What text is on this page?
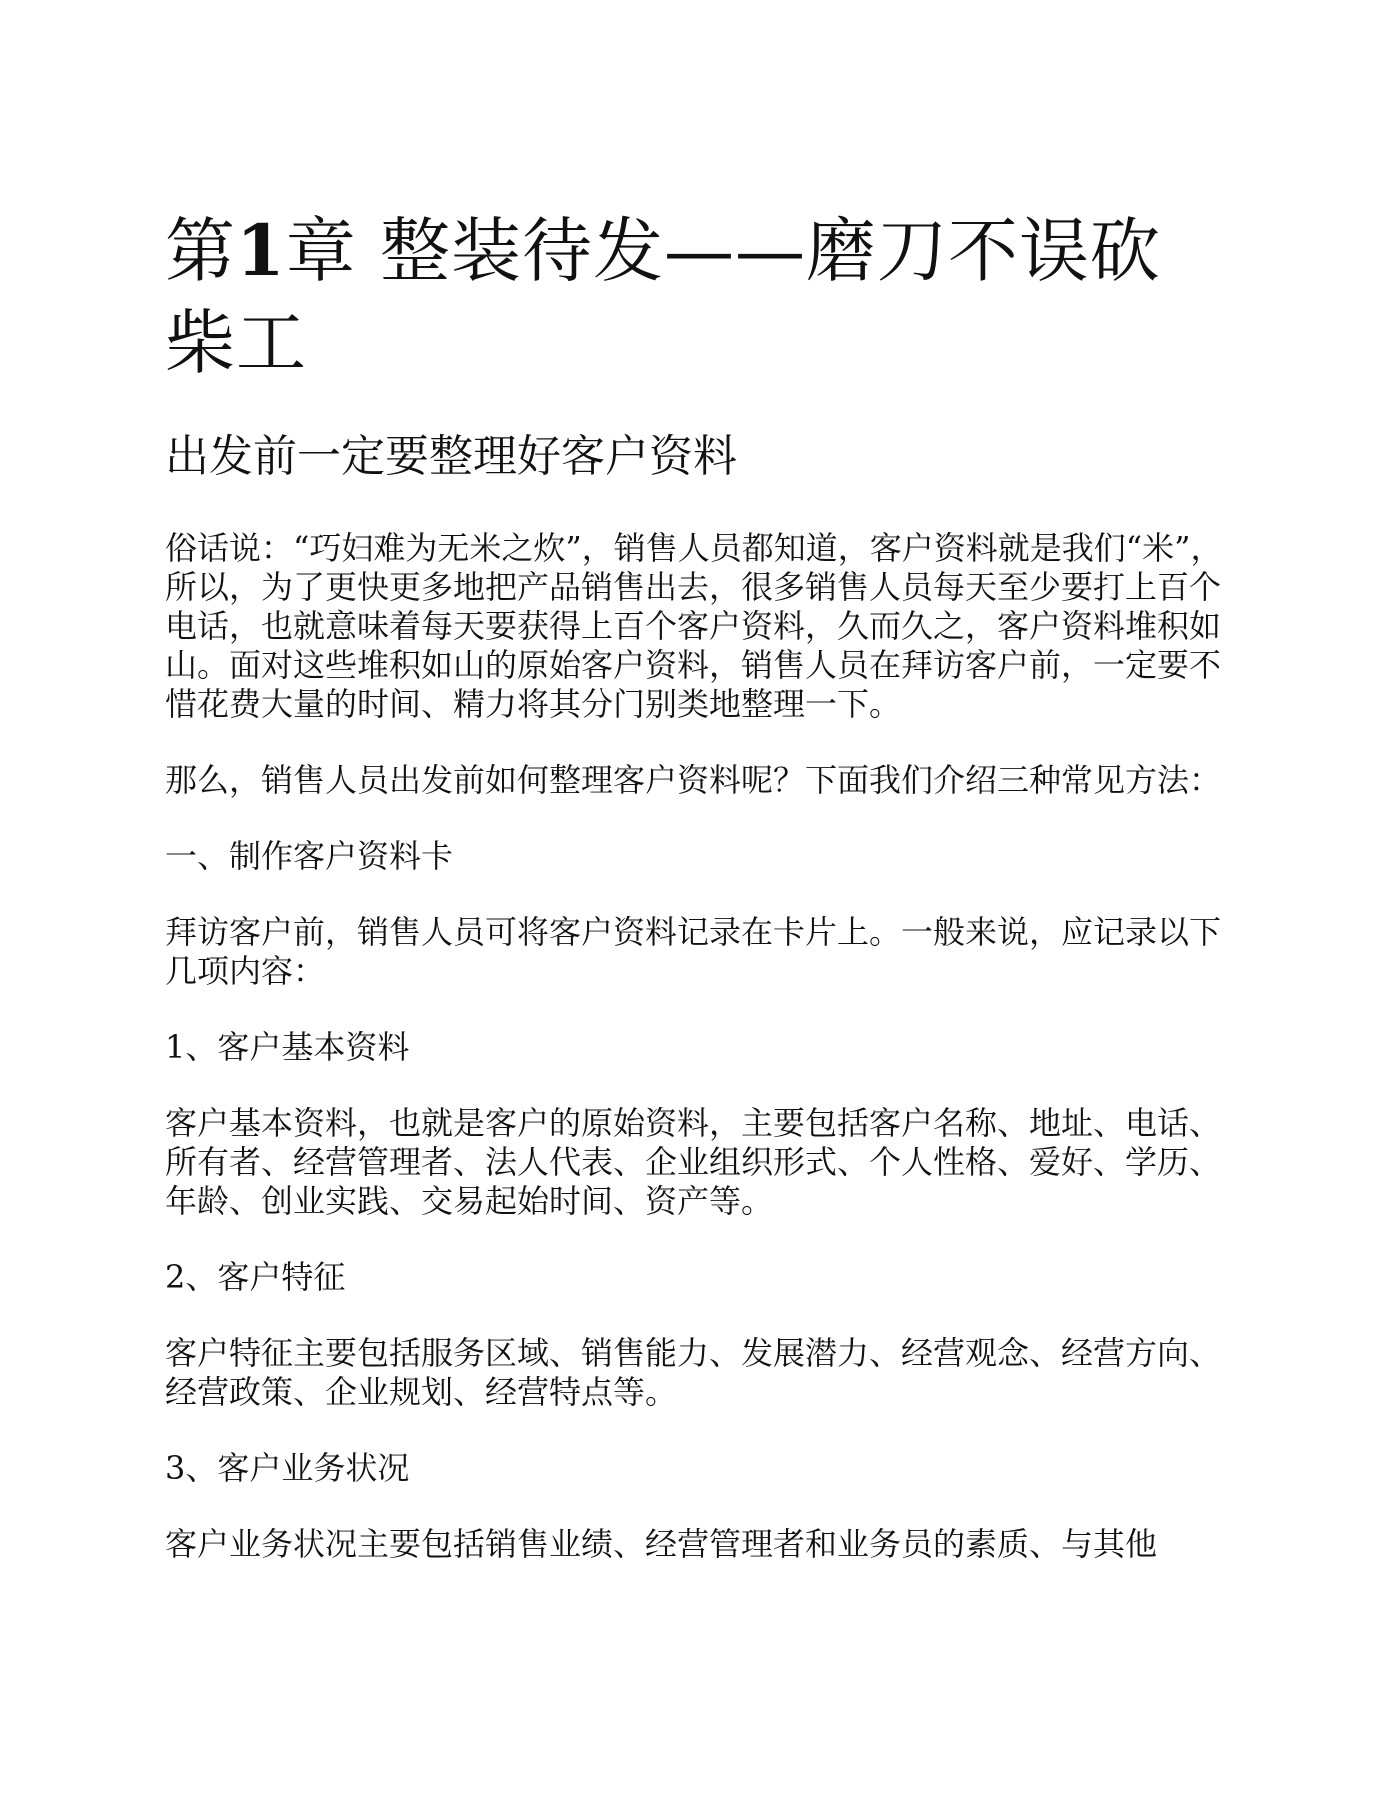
第1章 整装待发——磨刀不误砍柴工
出发前一定要整理好客户资料

俗话说：“巧妇难为无米之炊”，销售人员都知道，客户资料就是我们“米”，所以，为了更快更多地把产品销售出去，很多销售人员每天至少要打上百个电话，也就意味着每天要获得上百个客户资料，久而久之，客户资料堆积如山。面对这些堆积如山的原始客户资料，销售人员在拜访客户前，一定要不惜花费大量的时间、精力将其分门别类地整理一下。

那么，销售人员出发前如何整理客户资料呢？下面我们介绍三种常见方法：

一、制作客户资料卡

拜访客户前，销售人员可将客户资料记录在卡片上。一般来说，应记录以下几项内容：

1、客户基本资料

客户基本资料，也就是客户的原始资料，主要包括客户名称、地址、电话、所有者、经营管理者、法人代表、企业组织形式、个人性格、爱好、学历、年龄、创业实践、交易起始时间、资产等。

2、客户特征

客户特征主要包括服务区域、销售能力、发展潜力、经营观念、经营方向、经营政策、企业规划、经营特点等。

3、客户业务状况

客户业务状况主要包括销售业绩、经营管理者和业务员的素质、与其他
